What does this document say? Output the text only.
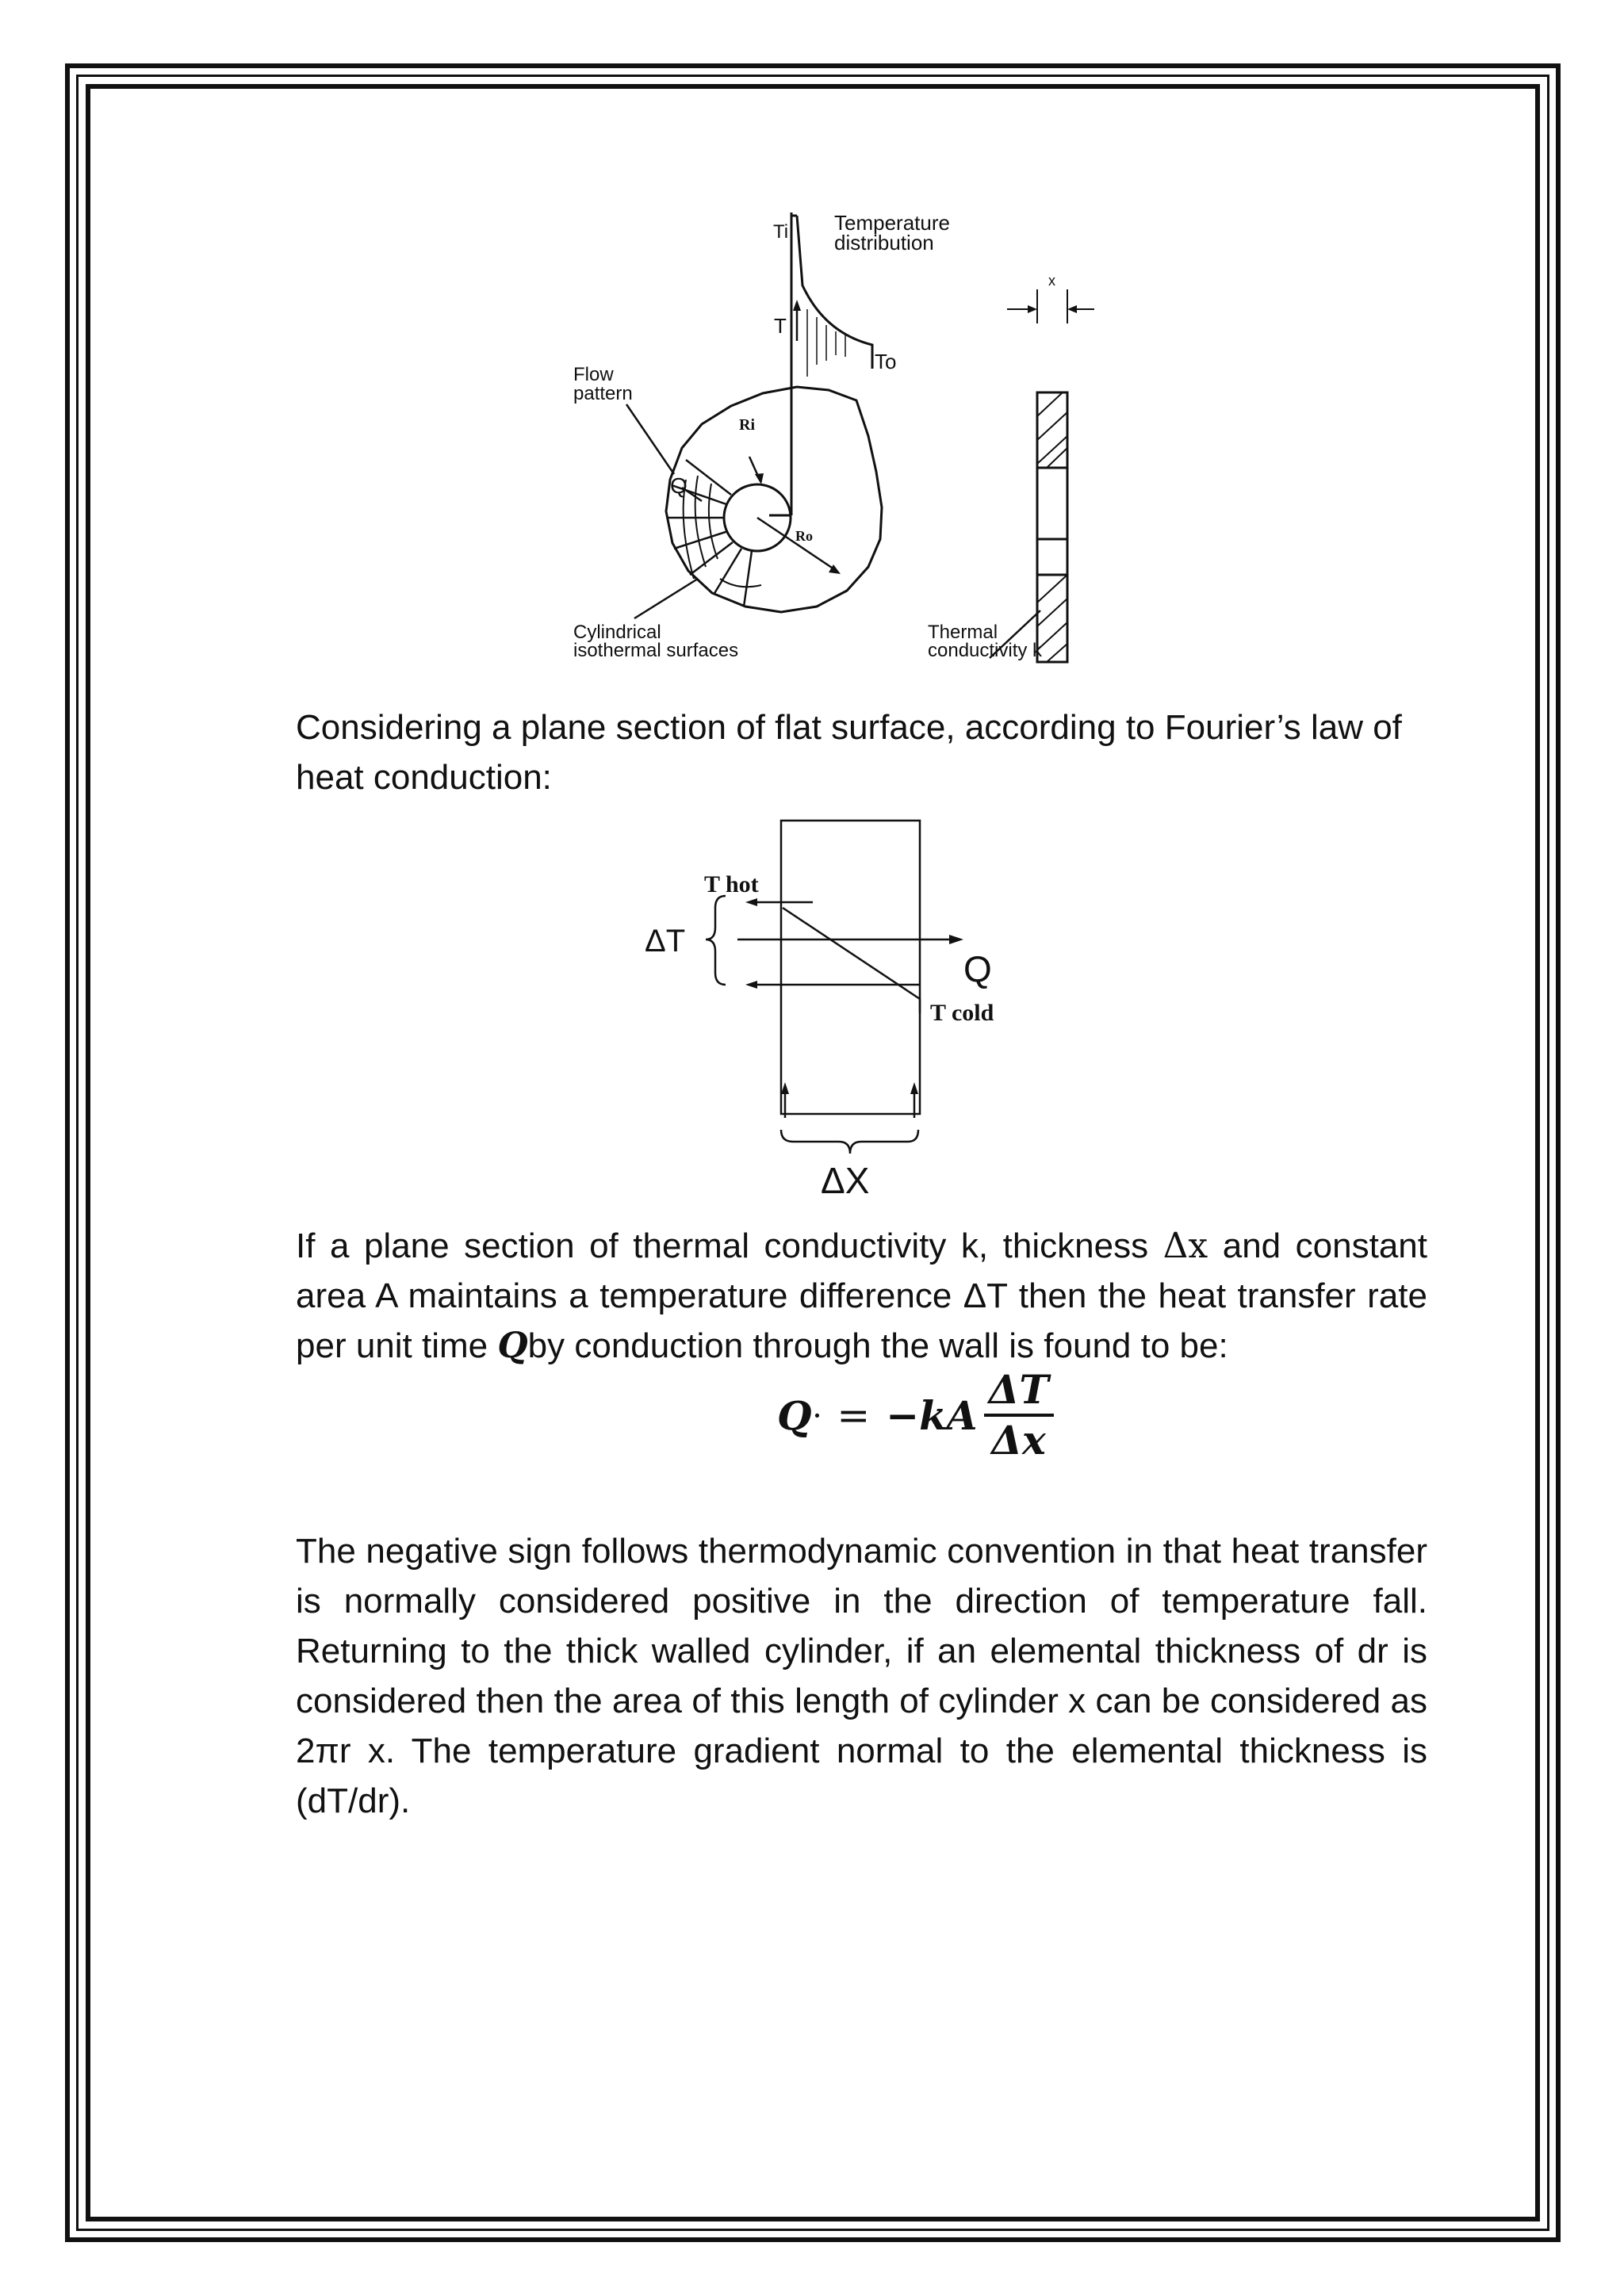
Ti Temperature
distribution
T
To
Flow
pattern
Ri
Q
Ro
Cylindrical
isothermal surfaces
x
Thermal
conductivity k

Considering a plane section of flat surface, according to Fourier’s law of heat conduction:

T hot
ΔT
Q
T cold
ΔX

If a plane section of thermal conductivity k, thickness Δx and constant area A maintains a temperature difference ΔT then the heat transfer rate per unit time Qby conduction through the wall is found to be:

Q · = $-kA \frac{\Delta T}{\Delta x}$

The negative sign follows thermodynamic convention in that heat transfer is normally considered positive in the direction of temperature fall. Returning to the thick walled cylinder, if an elemental thickness of dr is considered then the area of this length of cylinder x can be considered as 2πr x. The temperature gradient normal to the elemental thickness is (dT/dr).
